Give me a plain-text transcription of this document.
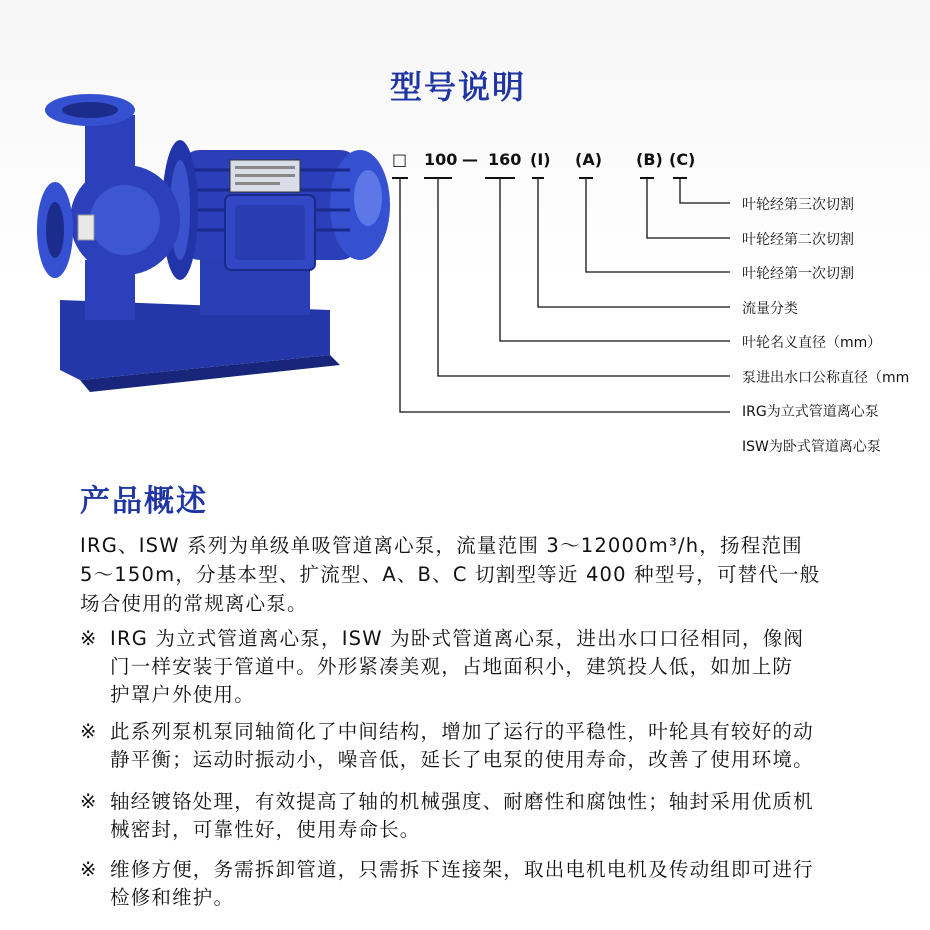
型号说明
□ 100 — 160 (I) (A) (B) (C)
叶轮经第三次切割
叶轮经第二次切割
叶轮经第一次切割
流量分类
叶轮名义直径（mm）
泵进出水口公称直径（mm
IRG为立式管道离心泵
ISW为卧式管道离心泵
产品概述
IRG、ISW 系列为单级单吸管道离心泵，流量范围 3～12000m³/h，扬程范围
5～150m，分基本型、扩流型、A、B、C 切割型等近 400 种型号，可替代一般
场合使用的常规离心泵。
※ IRG 为立式管道离心泵，ISW 为卧式管道离心泵，进出水口口径相同，像阀
门一样安装于管道中。外形紧凑美观，占地面积小，建筑投人低，如加上防
护罩户外使用。
※ 此系列泵机泵同轴简化了中间结构，增加了运行的平稳性，叶轮具有较好的动
静平衡；运动时振动小，噪音低，延长了电泵的使用寿命，改善了使用环境。
※ 轴经镀铬处理，有效提高了轴的机械强度、耐磨性和腐蚀性；轴封采用优质机
械密封，可靠性好，使用寿命长。
※ 维修方便，务需拆卸管道，只需拆下连接架，取出电机电机及传动组即可进行
检修和维护。
